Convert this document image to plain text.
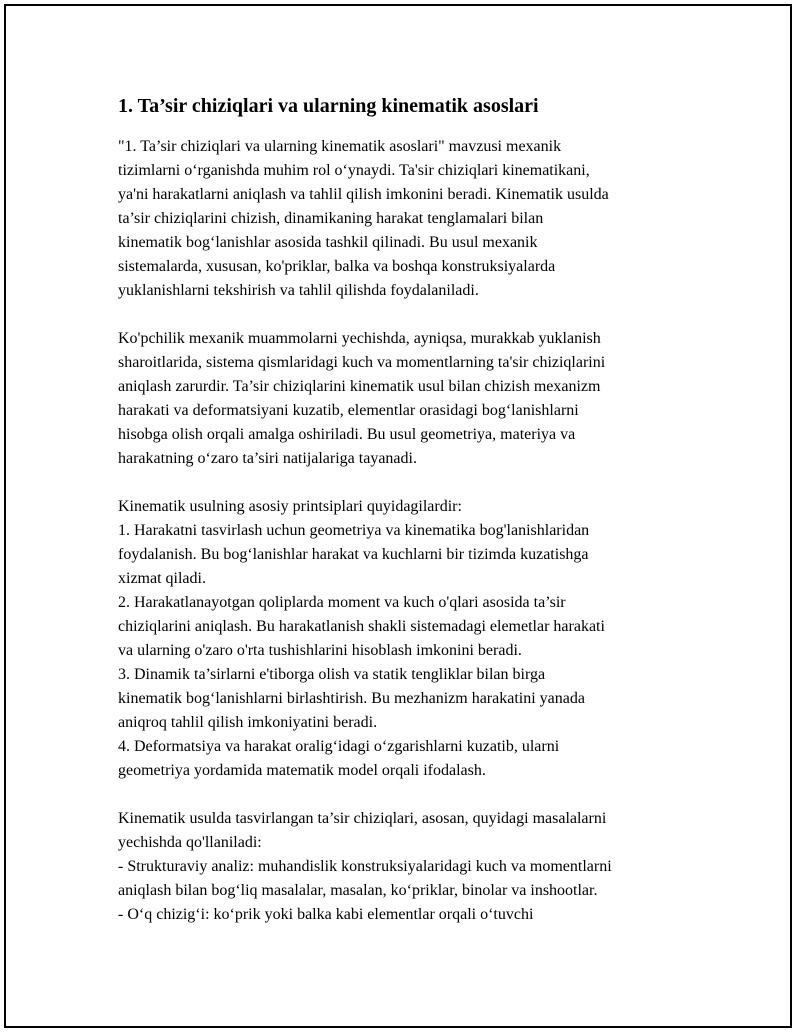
1. Ta’sir chiziqlari va ularning kinematik asoslari

"1. Ta’sir chiziqlari va ularning kinematik asoslari" mavzusi mexanik
tizimlarni oʻrganishda muhim rol oʻynaydi. Ta'sir chiziqlari kinematikani,
ya'ni harakatlarni aniqlash va tahlil qilish imkonini beradi. Kinematik usulda
ta’sir chiziqlarini chizish, dinamikaning harakat tenglamalari bilan
kinematik bogʻlanishlar asosida tashkil qilinadi. Bu usul mexanik
sistemalarda, xususan, ko'priklar, balka va boshqa konstruksiyalarda
yuklanishlarni tekshirish va tahlil qilishda foydalaniladi.

Ko'pchilik mexanik muammolarni yechishda, ayniqsa, murakkab yuklanish
sharoitlarida, sistema qismlaridagi kuch va momentlarning ta'sir chiziqlarini
aniqlash zarurdir. Ta’sir chiziqlarini kinematik usul bilan chizish mexanizm
harakati va deformatsiyani kuzatib, elementlar orasidagi bogʻlanishlarni
hisobga olish orqali amalga oshiriladi. Bu usul geometriya, materiya va
harakatning oʻzaro ta’siri natijalariga tayanadi.

Kinematik usulning asosiy printsiplari quyidagilardir:
1. Harakatni tasvirlash uchun geometriya va kinematika bog'lanishlaridan
foydalanish. Bu bogʻlanishlar harakat va kuchlarni bir tizimda kuzatishga
xizmat qiladi.
2. Harakatlanayotgan qoliplarda moment va kuch o'qlari asosida ta’sir
chiziqlarini aniqlash. Bu harakatlanish shakli sistemadagi elemetlar harakati
va ularning o'zaro o'rta tushishlarini hisoblash imkonini beradi.
3. Dinamik ta’sirlarni e'tiborga olish va statik tengliklar bilan birga
kinematik bogʻlanishlarni birlashtirish. Bu mezhanizm harakatini yanada
aniqroq tahlil qilish imkoniyatini beradi.
4. Deformatsiya va harakat oraligʻidagi oʻzgarishlarni kuzatib, ularni
geometriya yordamida matematik model orqali ifodalash.

Kinematik usulda tasvirlangan ta’sir chiziqlari, asosan, quyidagi masalalarni
yechishda qo'llaniladi:
- Strukturaviy analiz: muhandislik konstruksiyalaridagi kuch va momentlarni
aniqlash bilan bogʻliq masalalar, masalan, koʻpriklar, binolar va inshootlar.
- Oʻq chizigʻi: koʻprik yoki balka kabi elementlar orqali oʻtuvchi
